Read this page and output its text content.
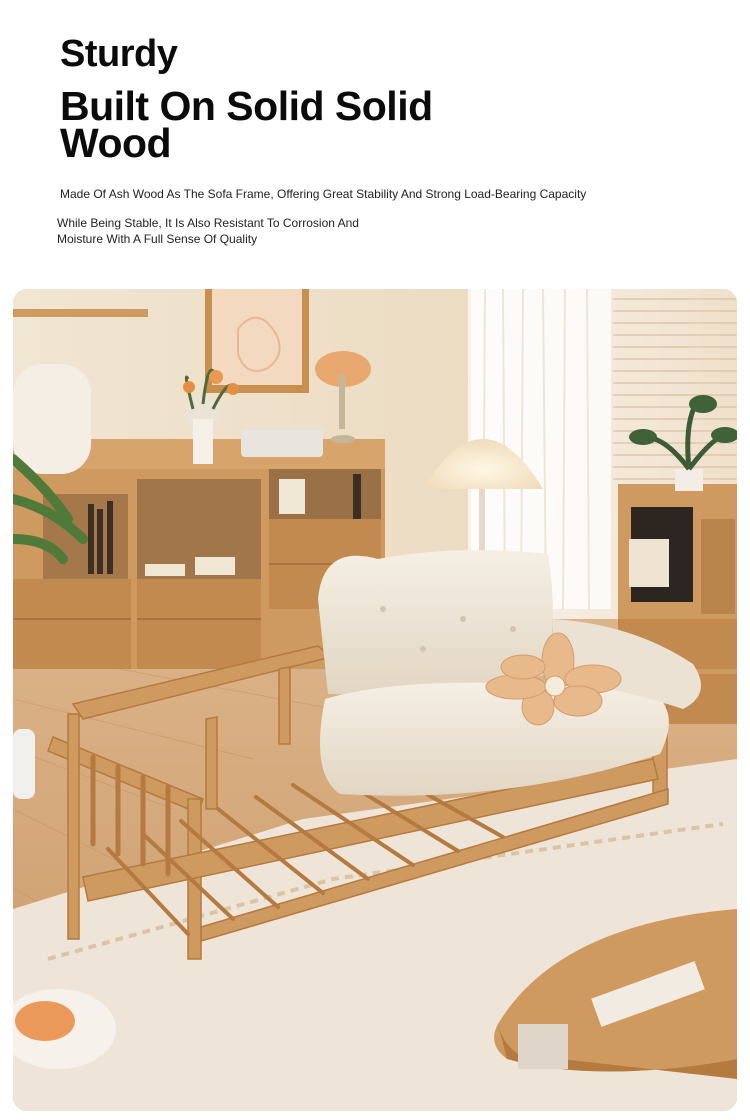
Sturdy
Built On Solid Solid Wood

Made Of Ash Wood As The Sofa Frame, Offering Great Stability And Strong Load-Bearing Capacity

While Being Stable, It Is Also Resistant To Corrosion And Moisture With A Full Sense Of Quality
